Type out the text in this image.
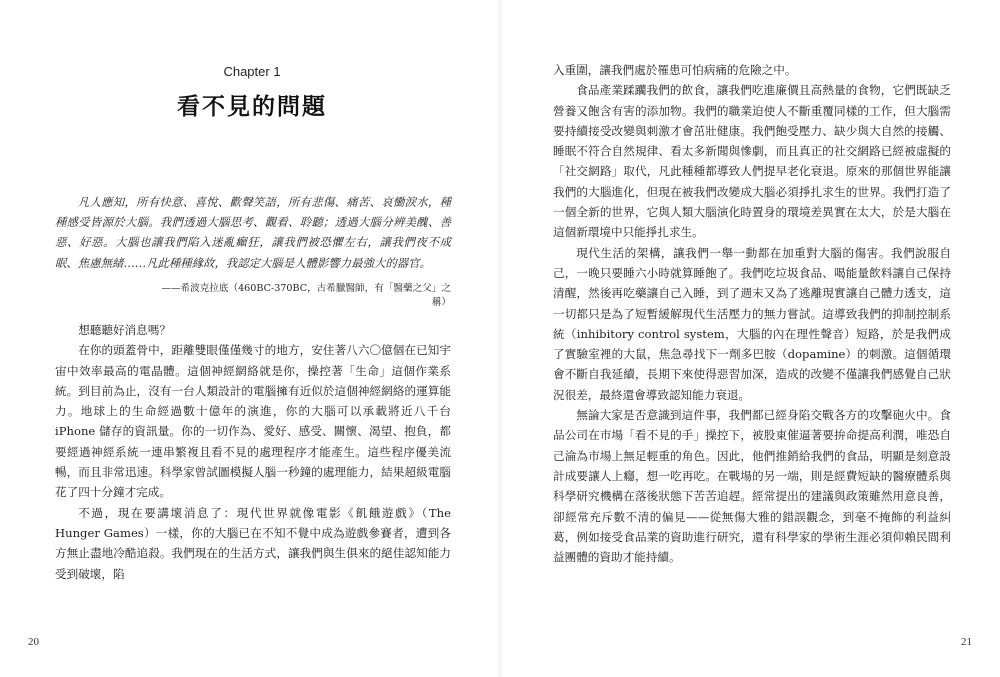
Chapter 1
看不見的問題

凡人應知，所有快意、喜悅、歡聲笑語，所有悲傷、痛苦、哀慟淚水，種種感受皆源於大腦。我們透過大腦思考、觀看、聆聽；透過大腦分辨美醜、善惡、好惡。大腦也讓我們陷入迷亂癲狂，讓我們被恐懼左右，讓我們夜不成眠、焦慮無緒……凡此種種緣故，我認定大腦是人體影響力最強大的器官。

——希波克拉底（460BC-370BC，古希臘醫師，有「醫藥之父」之稱）

想聽聽好消息嗎？

在你的頭蓋骨中，距離雙眼僅僅幾寸的地方，安住著八六〇億個在已知宇宙中效率最高的電晶體。這個神經網絡就是你，操控著「生命」這個作業系統。到目前為止，沒有一台人類設計的電腦擁有近似於這個神經網絡的運算能力。地球上的生命經過數十億年的演進，你的大腦可以承載將近八千台 iPhone 儲存的資訊量。你的一切作為、愛好、感受、關懷、渴望、抱負，都要經過神經系統一連串繁複且看不見的處理程序才能產生。這些程序優美流暢，而且非常迅速。科學家曾試圖模擬人腦一秒鐘的處理能力，結果超級電腦花了四十分鐘才完成。

不過，現在要講壞消息了：現代世界就像電影《飢餓遊戲》（The Hunger Games）一樣，你的大腦已在不知不覺中成為遊戲參賽者，遭到各方無止盡地冷酷追殺。我們現在的生活方式，讓我們與生俱來的絕佳認知能力受到破壞，陷

20

入重圍，讓我們處於罹患可怕病痛的危險之中。

食品產業蹂躪我們的飲食，讓我們吃進廉價且高熱量的食物，它們既缺乏營養又飽含有害的添加物。我們的職業迫使人不斷重覆同樣的工作，但大腦需要持續接受改變與刺激才會茁壯健康。我們飽受壓力、缺少與大自然的接觸、睡眠不符合自然規律、看太多新聞與慘劇，而且真正的社交網路已經被虛擬的「社交網路」取代，凡此種種都導致人們提早老化衰退。原來的那個世界能讓我們的大腦進化，但現在被我們改變成大腦必須掙扎求生的世界。我們打造了一個全新的世界，它與人類大腦演化時置身的環境差異實在太大，於是大腦在這個新環境中只能掙扎求生。

現代生活的架構，讓我們一舉一動都在加重對大腦的傷害。我們說服自己，一晚只要睡六小時就算睡飽了。我們吃垃圾食品、喝能量飲料讓自己保持清醒，然後再吃藥讓自己入睡，到了週末又為了逃離現實讓自己體力透支，這一切都只是為了短暫緩解現代生活壓力的無力嘗試。這導致我們的抑制控制系統（inhibitory control system，大腦的內在理性聲音）短路，於是我們成了實驗室裡的大鼠，焦急尋找下一劑多巴胺（dopamine）的刺激。這個循環會不斷自我延續，長期下來使得惡習加深，造成的改變不僅讓我們感覺自己狀況很差，最終還會導致認知能力衰退。

無論大家是否意識到這件事，我們都已經身陷交戰各方的攻擊砲火中。食品公司在市場「看不見的手」操控下，被股東催逼著要拚命提高利潤，唯恐自己淪為市場上無足輕重的角色。因此，他們推銷給我們的食品，明顯是刻意設計成要讓人上癮，想一吃再吃。在戰場的另一端，則是經費短缺的醫療體系與科學研究機構在落後狀態下苦苦追趕。經常提出的建議與政策雖然用意良善，卻經常充斥數不清的偏見——從無傷大雅的錯誤觀念，到毫不掩飾的利益糾葛，例如接受食品業的資助進行研究，還有科學家的學術生涯必須仰賴民間利益團體的資助才能持續。

21
